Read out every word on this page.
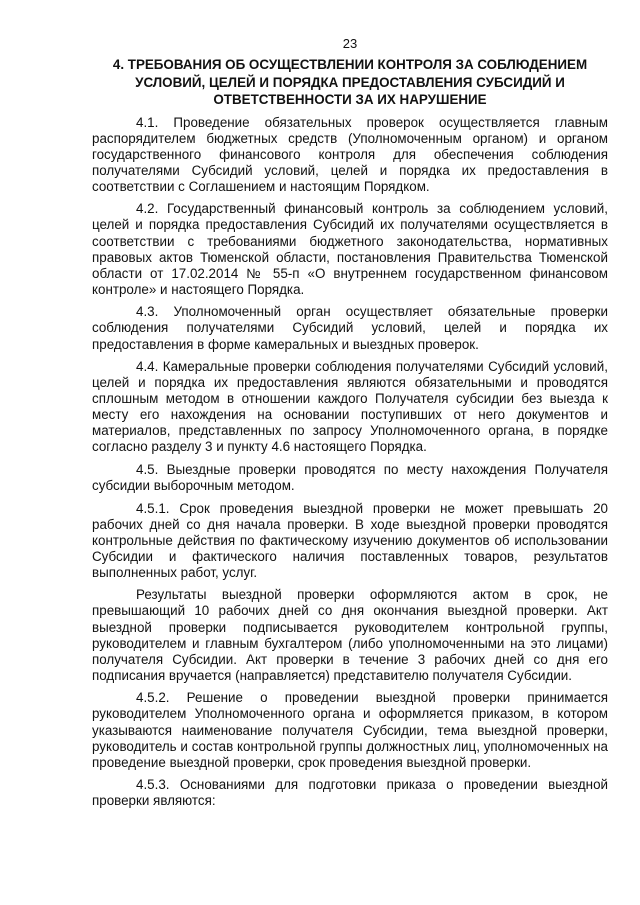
23
4. ТРЕБОВАНИЯ ОБ ОСУЩЕСТВЛЕНИИ КОНТРОЛЯ ЗА СОБЛЮДЕНИЕМ УСЛОВИЙ, ЦЕЛЕЙ И ПОРЯДКА ПРЕДОСТАВЛЕНИЯ СУБСИДИЙ И ОТВЕТСТВЕННОСТИ ЗА ИХ НАРУШЕНИЕ

4.1. Проведение обязательных проверок осуществляется главным распорядителем бюджетных средств (Уполномоченным органом) и органом государственного финансового контроля для обеспечения соблюдения получателями Субсидий условий, целей и порядка их предоставления в соответствии с Соглашением и настоящим Порядком.

4.2. Государственный финансовый контроль за соблюдением условий, целей и порядка предоставления Субсидий их получателями осуществляется в соответствии с требованиями бюджетного законодательства, нормативных правовых актов Тюменской области, постановления Правительства Тюменской области от 17.02.2014 № 55-п «О внутреннем государственном финансовом контроле» и настоящего Порядка.

4.3. Уполномоченный орган осуществляет обязательные проверки соблюдения получателями Субсидий условий, целей и порядка их предоставления в форме камеральных и выездных проверок.

4.4. Камеральные проверки соблюдения получателями Субсидий условий, целей и порядка их предоставления являются обязательными и проводятся сплошным методом в отношении каждого Получателя субсидии без выезда к месту его нахождения на основании поступивших от него документов и материалов, представленных по запросу Уполномоченного органа, в порядке согласно разделу 3 и пункту 4.6 настоящего Порядка.

4.5. Выездные проверки проводятся по месту нахождения Получателя субсидии выборочным методом.

4.5.1. Срок проведения выездной проверки не может превышать 20 рабочих дней со дня начала проверки. В ходе выездной проверки проводятся контрольные действия по фактическому изучению документов об использовании Субсидии и фактического наличия поставленных товаров, результатов выполненных работ, услуг.

Результаты выездной проверки оформляются актом в срок, не превышающий 10 рабочих дней со дня окончания выездной проверки. Акт выездной проверки подписывается руководителем контрольной группы, руководителем и главным бухгалтером (либо уполномоченными на это лицами) получателя Субсидии. Акт проверки в течение 3 рабочих дней со дня его подписания вручается (направляется) представителю получателя Субсидии.

4.5.2. Решение о проведении выездной проверки принимается руководителем Уполномоченного органа и оформляется приказом, в котором указываются наименование получателя Субсидии, тема выездной проверки, руководитель и состав контрольной группы должностных лиц, уполномоченных на проведение выездной проверки, срок проведения выездной проверки.

4.5.3. Основаниями для подготовки приказа о проведении выездной проверки являются:
